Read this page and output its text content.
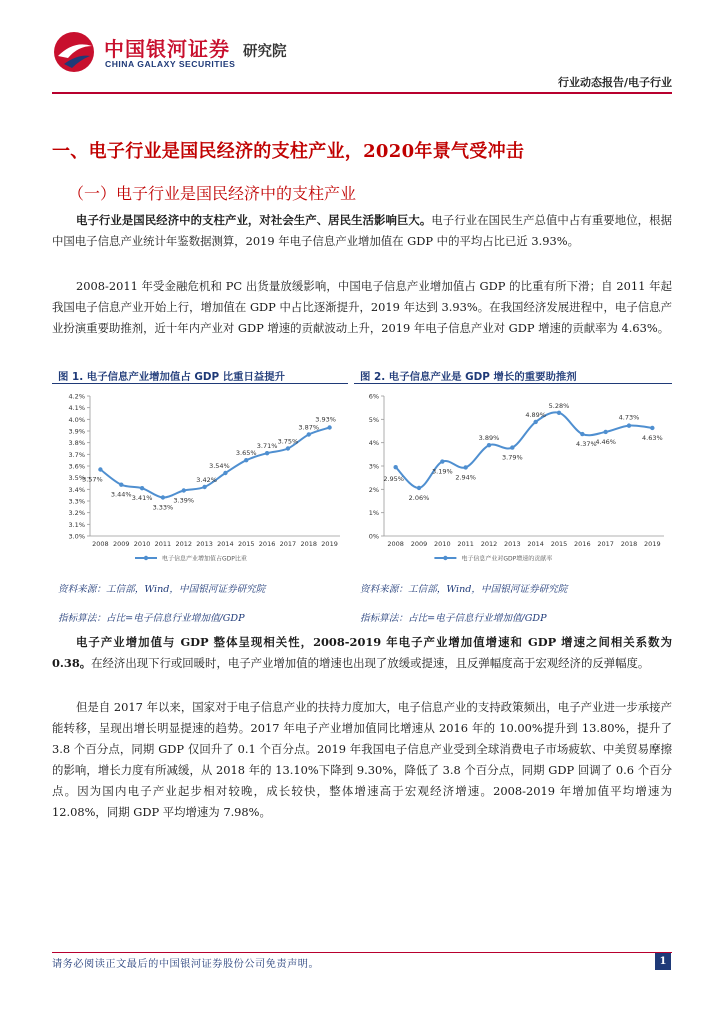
中国银河证券
CHINA GALAXY SECURITIES
研究院
行业动态报告/电子行业
一、电子行业是国民经济的支柱产业，2020年景气受冲击
（一）电子行业是国民经济中的支柱产业
电子行业是国民经济中的支柱产业，对社会生产、居民生活影响巨大。电子行业在国民生产总值中占有重要地位，根据中国电子信息产业统计年鉴数据测算，2019 年电子信息产业增加值在 GDP 中的平均占比已近 3.93%。
2008-2011 年受金融危机和 PC 出货量放缓影响，中国电子信息产业增加值占 GDP 的比重有所下滑；自 2011 年起我国电子信息产业开始上行，增加值在 GDP 中占比逐渐提升，2019 年达到 3.93%。在我国经济发展进程中，电子信息产业扮演重要助推剂，近十年内产业对 GDP 增速的贡献波动上升，2019 年电子信息产业对 GDP 增速的贡献率为 4.63%。
图 1. 电子信息产业增加值占 GDP 比重日益提升
3.0%
3.1%
3.2%
3.3%
3.4%
3.5%
3.6%
3.7%
3.8%
3.9%
4.0%
4.1%
4.2%
2008 2009 2010 2011 2012 2013 2014 2015 2016 2017 2018 2019
3.57%
3.44% 3.41%
3.33%
3.39%
3.42%
3.54%
3.65%
3.71%
3.75%
3.87%
3.93%
电子信息产业增加值占GDP比重
资料来源：工信部，Wind，中国银河证券研究院
指标算法：占比=电子信息行业增加值/GDP
图 2. 电子信息产业是 GDP 增长的重要助推剂
0%
1%
2%
3%
4%
5%
6%
2008 2009 2010 2011 2012 2013 2014 2015 2016 2017 2018 2019
2.95%
2.06%
3.19%
2.94%
3.89%
3.79%
4.89%
5.28%
4.37%
4.46%
4.73%
4.63%
电子信息产业对GDP增速的贡献率
资料来源：工信部，Wind，中国银河证券研究院
指标算法：占比=电子信息行业增加值/GDP
电子产业增加值与 GDP 整体呈现相关性，2008-2019 年电子产业增加值增速和 GDP 增速之间相关系数为 0.38。在经济出现下行或回暖时，电子产业增加值的增速也出现了放缓或提速，且反弹幅度高于宏观经济的反弹幅度。
但是自 2017 年以来，国家对于电子信息产业的扶持力度加大，电子信息产业的支持政策频出，电子产业进一步承接产能转移，呈现出增长明显提速的趋势。2017 年电子产业增加值同比增速从 2016 年的 10.00%提升到 13.80%，提升了 3.8 个百分点，同期 GDP 仅回升了 0.1 个百分点。2019 年我国电子信息产业受到全球消费电子市场疲软、中美贸易摩擦的影响，增长力度有所减缓，从 2018 年的 13.10%下降到 9.30%，降低了 3.8 个百分点，同期 GDP 回调了 0.6 个百分点。因为国内电子产业起步相对较晚，成长较快，整体增速高于宏观经济增速。2008-2019 年增加值平均增速为 12.08%，同期 GDP 平均增速为 7.98%。
请务必阅读正文最后的中国银河证券股份公司免责声明。	1
